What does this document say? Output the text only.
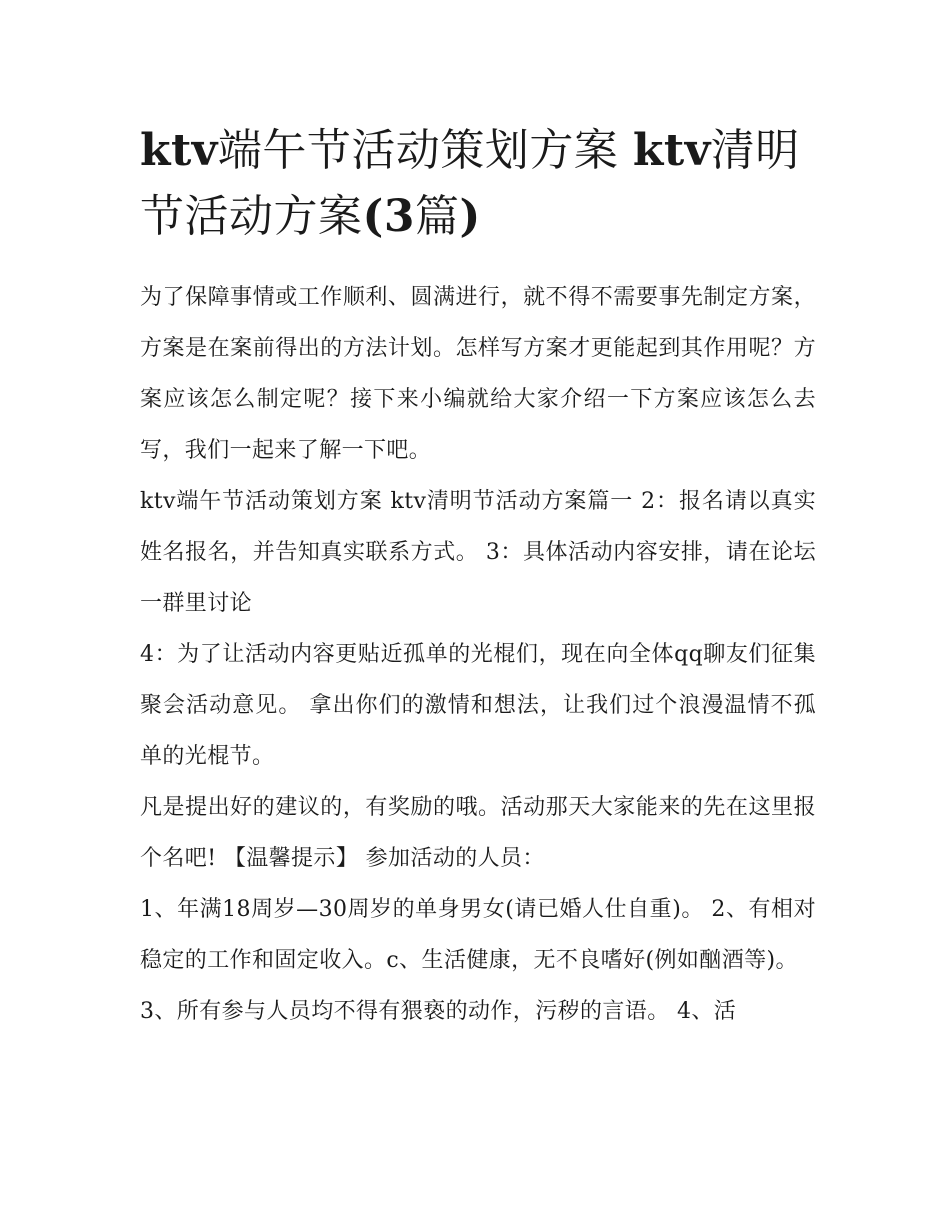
ktv端午节活动策划方案 ktv清明节活动方案(3篇)

为了保障事情或工作顺利、圆满进行，就不得不需要事先制定方案，方案是在案前得出的方法计划。怎样写方案才更能起到其作用呢？方案应该怎么制定呢？接下来小编就给大家介绍一下方案应该怎么去写，我们一起来了解一下吧。

ktv端午节活动策划方案 ktv清明节活动方案篇一 2：报名请以真实姓名报名，并告知真实联系方式。 3：具体活动内容安排，请在论坛一群里讨论

4：为了让活动内容更贴近孤单的光棍们，现在向全体qq聊友们征集聚会活动意见。 拿出你们的激情和想法，让我们过个浪漫温情不孤单的光棍节。

凡是提出好的建议的，有奖励的哦。活动那天大家能来的先在这里报个名吧! 【温馨提示】 参加活动的人员：

1、年满18周岁—30周岁的单身男女(请已婚人仕自重)。 2、有相对稳定的工作和固定收入。c、生活健康，无不良嗜好(例如酗酒等)。

3、所有参与人员均不得有猥亵的动作，污秽的言语。 4、活
